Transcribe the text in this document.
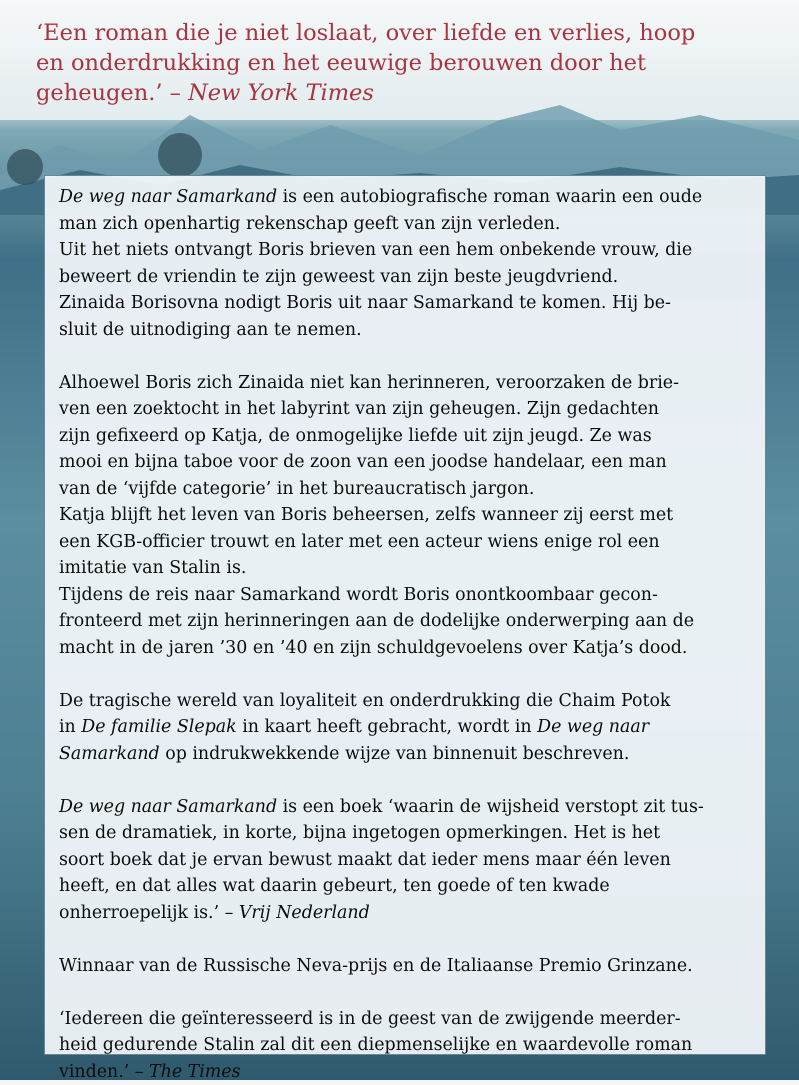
‘Een roman die je niet loslaat, over liefde en verlies, hoop
en onderdrukking en het eeuwige berouwen door het
geheugen.’ – New York Times
De weg naar Samarkand is een autobiografische roman waarin een oude
man zich openhartig rekenschap geeft van zijn verleden.
Uit het niets ontvangt Boris brieven van een hem onbekende vrouw, die
beweert de vriendin te zijn geweest van zijn beste jeugdvriend.
Zinaida Borisovna nodigt Boris uit naar Samarkand te komen. Hij be-
sluit de uitnodiging aan te nemen.
Alhoewel Boris zich Zinaida niet kan herinneren, veroorzaken de brie-
ven een zoektocht in het labyrint van zijn geheugen. Zijn gedachten
zijn gefixeerd op Katja, de onmogelijke liefde uit zijn jeugd. Ze was
mooi en bijna taboe voor de zoon van een joodse handelaar, een man
van de ‘vijfde categorie’ in het bureaucratisch jargon.
Katja blijft het leven van Boris beheersen, zelfs wanneer zij eerst met
een KGB-officier trouwt en later met een acteur wiens enige rol een
imitatie van Stalin is.
Tijdens de reis naar Samarkand wordt Boris onontkoombaar gecon-
fronteerd met zijn herinneringen aan de dodelijke onderwerping aan de
macht in de jaren ’30 en ’40 en zijn schuldgevoelens over Katja’s dood.
De tragische wereld van loyaliteit en onderdrukking die Chaim Potok
in De familie Slepak in kaart heeft gebracht, wordt in De weg naar
Samarkand op indrukwekkende wijze van binnenuit beschreven.
De weg naar Samarkand is een boek ‘waarin de wijsheid verstopt zit tus-
sen de dramatiek, in korte, bijna ingetogen opmerkingen. Het is het
soort boek dat je ervan bewust maakt dat ieder mens maar één leven
heeft, en dat alles wat daarin gebeurt, ten goede of ten kwade
onherroepelijk is.’ – Vrij Nederland
Winnaar van de Russische Neva-prijs en de Italiaanse Premio Grinzane.
‘Iedereen die geïnteresseerd is in de geest van de zwijgende meerder-
heid gedurende Stalin zal dit een diepmenselijke en waardevolle roman
vinden.’ – The Times
